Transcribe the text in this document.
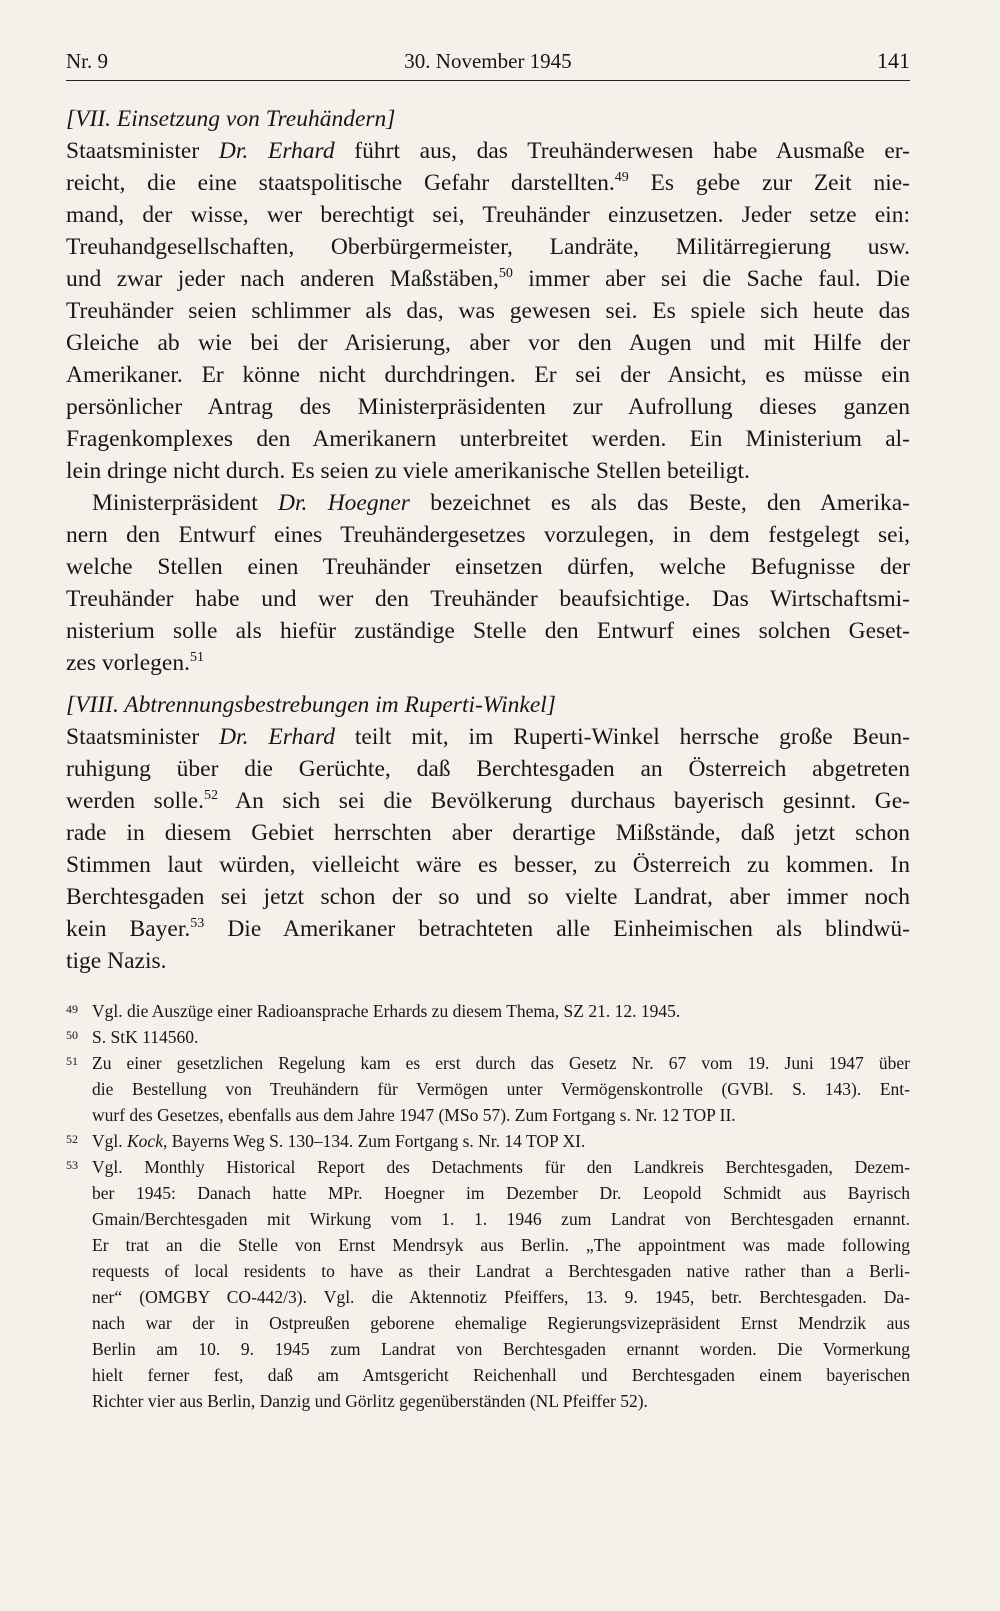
Nr. 9	30. November 1945	141
[VII. Einsetzung von Treuhändern]
Staatsminister Dr. Erhard führt aus, das Treuhänderwesen habe Ausmaße er-
reicht, die eine staatspolitische Gefahr darstellten.$^{49}$ Es gebe zur Zeit nie-
mand, der wisse, wer berechtigt sei, Treuhänder einzusetzen. Jeder setze ein:
Treuhandgesellschaften, Oberbürgermeister, Landräte, Militärregierung usw.
und zwar jeder nach anderen Maßstäben,$^{50}$ immer aber sei die Sache faul. Die
Treuhänder seien schlimmer als das, was gewesen sei. Es spiele sich heute das
Gleiche ab wie bei der Arisierung, aber vor den Augen und mit Hilfe der
Amerikaner. Er könne nicht durchdringen. Er sei der Ansicht, es müsse ein
persönlicher Antrag des Ministerpräsidenten zur Aufrollung dieses ganzen
Fragenkomplexes den Amerikanern unterbreitet werden. Ein Ministerium al-
lein dringe nicht durch. Es seien zu viele amerikanische Stellen beteiligt.
Ministerpräsident Dr. Hoegner bezeichnet es als das Beste, den Amerika-
nern den Entwurf eines Treuhändergesetzes vorzulegen, in dem festgelegt sei,
welche Stellen einen Treuhänder einsetzen dürfen, welche Befugnisse der
Treuhänder habe und wer den Treuhänder beaufsichtige. Das Wirtschaftsmi-
nisterium solle als hiefür zuständige Stelle den Entwurf eines solchen Geset-
zes vorlegen.$^{51}$
[VIII. Abtrennungsbestrebungen im Ruperti-Winkel]
Staatsminister Dr. Erhard teilt mit, im Ruperti-Winkel herrsche große Beun-
ruhigung über die Gerüchte, daß Berchtesgaden an Österreich abgetreten
werden solle.$^{52}$ An sich sei die Bevölkerung durchaus bayerisch gesinnt. Ge-
rade in diesem Gebiet herrschten aber derartige Mißstände, daß jetzt schon
Stimmen laut würden, vielleicht wäre es besser, zu Österreich zu kommen. In
Berchtesgaden sei jetzt schon der so und so vielte Landrat, aber immer noch
kein Bayer.$^{53}$ Die Amerikaner betrachteten alle Einheimischen als blindwü-
tige Nazis.
49 Vgl. die Auszüge einer Radioansprache Erhards zu diesem Thema, SZ 21. 12. 1945.
50 S. StK 114560.
51 Zu einer gesetzlichen Regelung kam es erst durch das Gesetz Nr. 67 vom 19. Juni 1947 über
die Bestellung von Treuhändern für Vermögen unter Vermögenskontrolle (GVBl. S. 143). Ent-
wurf des Gesetzes, ebenfalls aus dem Jahre 1947 (MSo 57). Zum Fortgang s. Nr. 12 TOP II.
52 Vgl. Kock, Bayerns Weg S. 130–134. Zum Fortgang s. Nr. 14 TOP XI.
53 Vgl. Monthly Historical Report des Detachments für den Landkreis Berchtesgaden, Dezem-
ber 1945: Danach hatte MPr. Hoegner im Dezember Dr. Leopold Schmidt aus Bayrisch
Gmain/Berchtesgaden mit Wirkung vom 1. 1. 1946 zum Landrat von Berchtesgaden ernannt.
Er trat an die Stelle von Ernst Mendrsyk aus Berlin. „The appointment was made following
requests of local residents to have as their Landrat a Berchtesgaden native rather than a Berli-
ner“ (OMGBY CO-442/3). Vgl. die Aktennotiz Pfeiffers, 13. 9. 1945, betr. Berchtesgaden. Da-
nach war der in Ostpreußen geborene ehemalige Regierungsvizepräsident Ernst Mendrzik aus
Berlin am 10. 9. 1945 zum Landrat von Berchtesgaden ernannt worden. Die Vormerkung
hielt ferner fest, daß am Amtsgericht Reichenhall und Berchtesgaden einem bayerischen
Richter vier aus Berlin, Danzig und Görlitz gegenüberständen (NL Pfeiffer 52).
